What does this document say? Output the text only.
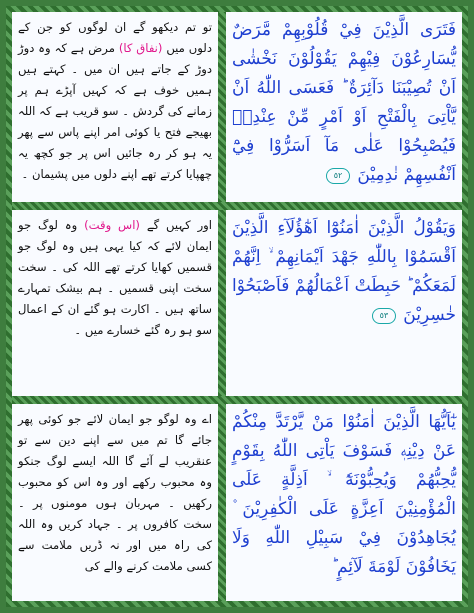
تو تم دیکھو گے ان لوگوں کو جن کے دلوں میں (نفاق کا) مرض ہے کہ وہ دوڑ دوڑ کے جاتے ہیں ان میں ۔ کہتے ہیں ہمیں خوف ہے کہ کہیں آپڑے ہم پر زمانے کی گردش ۔ سو قریب ہے کہ اللہ بھیجے فتح یا کوئی امر اپنے پاس سے پھر یہ ہو کر رہ جائیں اس پر جو کچھ یہ چھپایا کرتے تھے اپنے دلوں میں پشیمان ۔
فَتَرَى الَّذِيْنَ فِيْ قُلُوْبِهِمْ مَّرَضٌ يُّسَارِعُوْنَ فِيْهِمْ يَقُوْلُوْنَ نَخْشٰى اَنْ تُصِيْبَنَا دَآئِرَةٌ ؕ فَعَسَى اللّٰهُ اَنْ يَّاْتِىَ بِالْفَتْحِ اَوْ اَمْرٍ مِّنْ عِنْدِهٖ فَيُصْبِحُوْا عَلٰى مَآ اَسَرُّوْا فِيْٓ اَنْفُسِهِمْ نٰدِمِيْنَ ٥٢
اور کہیں گے (اس وقت) وہ لوگ جو ایمان لائے کہ کیا یہی ہیں وہ لوگ جو قسمیں کھایا کرتے تھے اللہ کی ۔ سخت سخت اپنی قسمیں ۔ ہم بیشک تمہارے ساتھ ہیں ۔ اکارت ہو گئے ان کے اعمال سو ہو رہ گئے خسارے میں ۔
وَيَقُوْلُ الَّذِيْنَ اٰمَنُوْٓا اَهٰٓؤُلَآءِ الَّذِيْنَ اَقْسَمُوْا بِاللّٰهِ جَهْدَ اَيْمَانِهِمْ ۙ اِنَّهُمْ لَمَعَكُمْ ؕ حَبِطَتْ اَعْمَالُهُمْ فَاَصْبَحُوْا خٰسِرِيْنَ ٥٣
اے وہ لوگو جو ایمان لائے جو کوئی پھر جائے گا تم میں سے اپنے دین سے تو عنقریب لے آئے گا اللہ ایسے لوگ جنکو وہ محبوب رکھے اور وہ اس کو محبوب رکھیں ۔ مہربان ہوں مومنوں پر ۔ سخت کافروں پر ۔ جہاد کریں وہ اللہ کی راہ میں اور نہ ڈریں ملامت سے کسی ملامت کرنے والے کی
يٰٓاَيُّهَا الَّذِيْنَ اٰمَنُوْا مَنْ يَّرْتَدَّ مِنْكُمْ عَنْ دِيْنِهٖ فَسَوْفَ يَاْتِى اللّٰهُ بِقَوْمٍ يُّحِبُّهُمْ وَيُحِبُّوْنَهٗٓ ۙ اَذِلَّةٍ عَلَى الْمُؤْمِنِيْنَ اَعِزَّةٍ عَلَى الْكٰفِرِيْنَ ۫ يُجَاهِدُوْنَ فِيْ سَبِيْلِ اللّٰهِ وَلَا يَخَافُوْنَ لَوْمَةَ لَآئِمٍ ؕ
